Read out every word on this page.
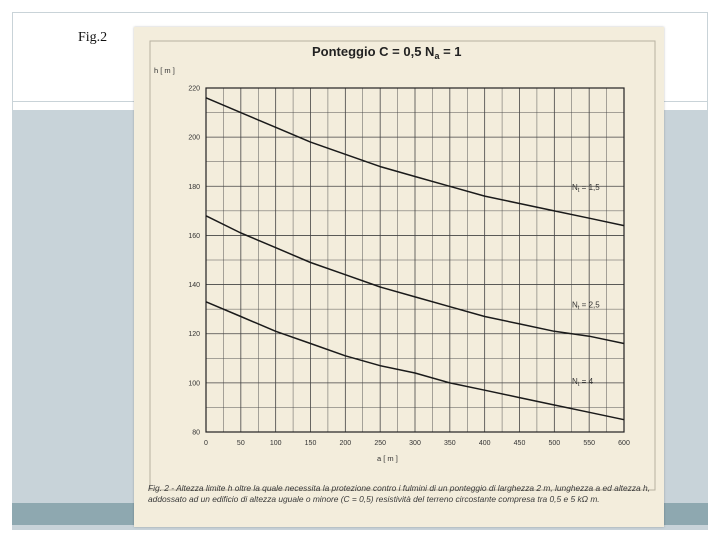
Fig.2
Ponteggio C = 0,5 $N_a = 1$
h [ m ]
a [ m ]
0	50	100	150	200	250	300	350	400	450	500	550	600
80
100
120
140
160
180
200
220
$N_t = 1,5$
$N_t = 2,5$
$N_t = 4$
Fig. 2 - Altezza limite h oltre la quale necessita la protezione contro i fulmini di un ponteggio di larghezza 2 m, lunghezza a ed altezza h, addossato ad un edificio di altezza uguale o minore (C = 0,5) resistività del terreno circostante compresa tra 0,5 e 5 kΩ m.
